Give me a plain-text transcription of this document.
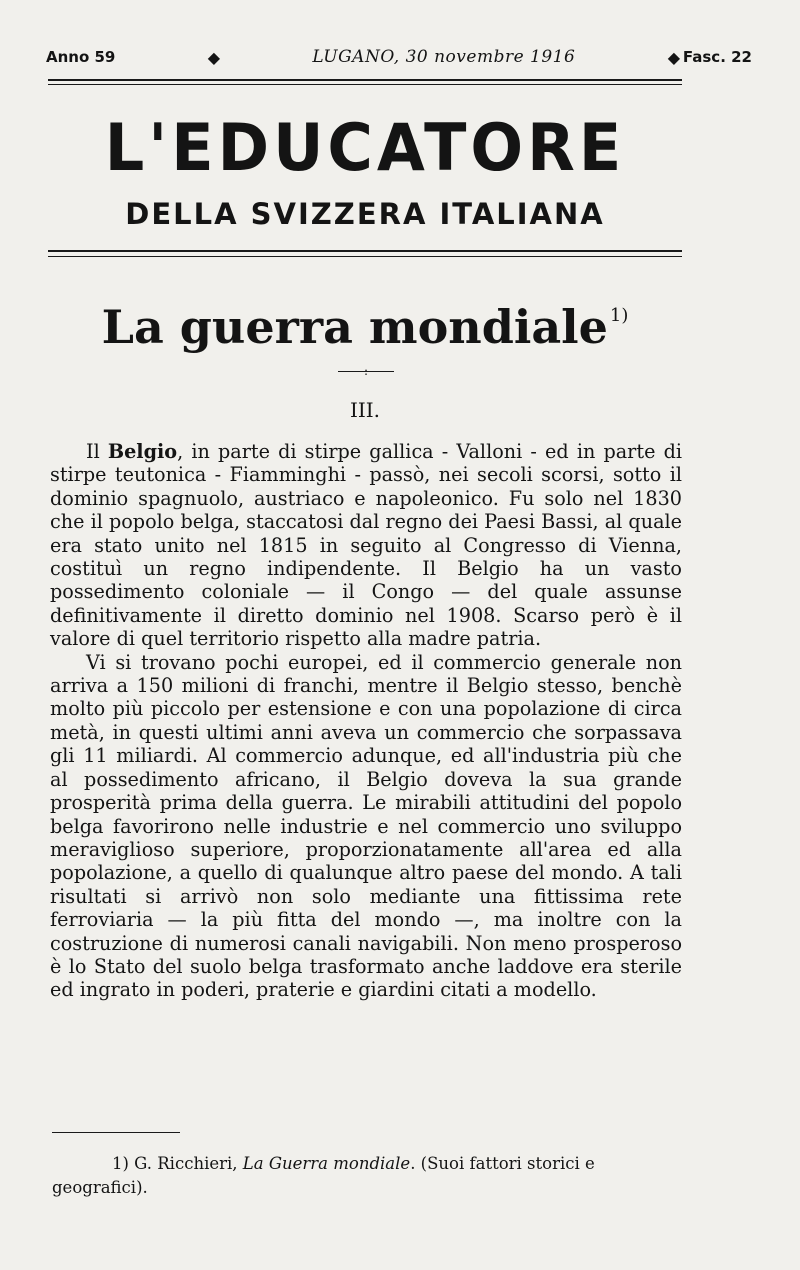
Anno 59	◆	LUGANO, 30 novembre 1916	◆ Fasc. 22
L'EDUCATORE
DELLA SVIZZERA ITALIANA
La guerra mondiale $^{1)}$
III.

Il Belgio, in parte di stirpe gallica - Valloni - ed in parte di stirpe teutonica - Fiamminghi - passò, nei secoli scorsi, sotto il dominio spagnuolo, austriaco e napoleonico. Fu solo nel 1830 che il popolo belga, staccatosi dal regno dei Paesi Bassi, al quale era stato unito nel 1815 in seguito al Congresso di Vienna, costituì un regno indipendente. Il Belgio ha un vasto possedimento coloniale — il Congo — del quale assunse definitivamente il diretto dominio nel 1908. Scarso però è il valore di quel territorio rispetto alla madre patria.

Vi si trovano pochi europei, ed il commercio generale non arriva a 150 milioni di franchi, mentre il Belgio stesso, benchè molto più piccolo per estensione e con una popolazione di circa metà, in questi ultimi anni aveva un commercio che sorpassava gli 11 miliardi. Al commercio adunque, ed all'industria più che al possedimento africano, il Belgio doveva la sua grande prosperità prima della guerra. Le mirabili attitudini del popolo belga favorirono nelle industrie e nel commercio uno sviluppo meraviglioso superiore, proporzionatamente all'area ed alla popolazione, a quello di qualunque altro paese del mondo. A tali risultati si arrivò non solo mediante una fittissima rete ferroviaria — la più fitta del mondo —, ma inoltre con la costruzione di numerosi canali navigabili. Non meno prosperoso è lo Stato del suolo belga trasformato anche laddove era sterile ed ingrato in poderi, praterie e giardini citati a modello.

1) G. Ricchieri, La Guerra mondiale. (Suoi fattori storici e geografici).
